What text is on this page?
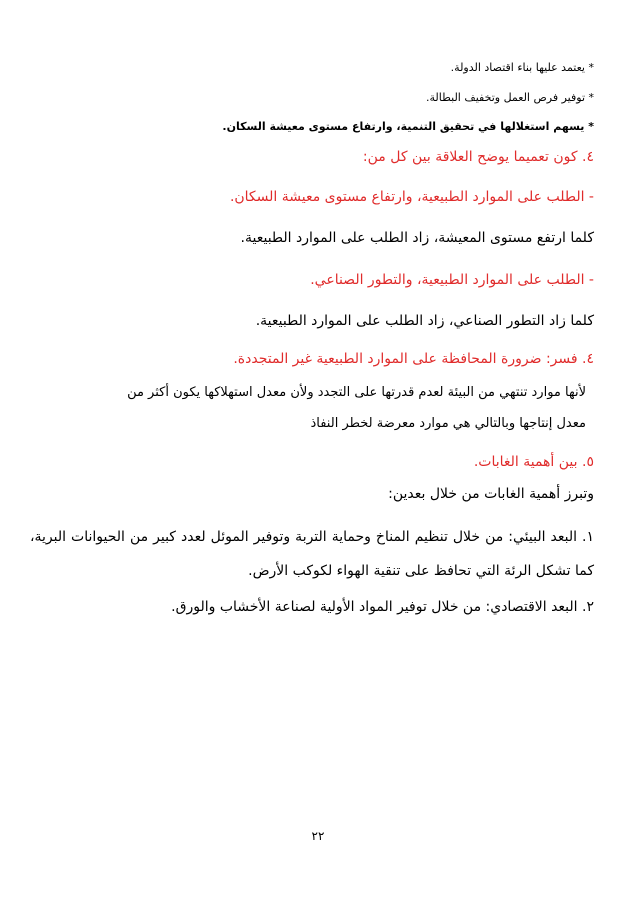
* يعتمد عليها بناء اقتصاد الدولة.
* توفير فرص العمل وتخفيف البطالة.
* يسهم استغلالها في تحقيق التنمية، وارتفاع مستوى معيشة السكان.
٤. كون تعميما يوضح العلاقة بين كل من:
- الطلب على الموارد الطبيعية، وارتفاع مستوى معيشة السكان.
كلما ارتفع مستوى المعيشة، زاد الطلب على الموارد الطبيعية.
- الطلب على الموارد الطبيعية، والتطور الصناعي.
كلما زاد التطور الصناعي، زاد الطلب على الموارد الطبيعية.
٤. فسر: ضرورة المحافظة على الموارد الطبيعية غير المتجددة.
لأنها موارد تنتهي من البيئة لعدم قدرتها على التجدد ولأن معدل استهلاكها يكون أكثر من
معدل إنتاجها وبالتالي هي موارد معرضة لخطر النفاذ
٥. بين أهمية الغابات.
وتبرز أهمية الغابات من خلال بعدين:
١. البعد البيئي: من خلال تنظيم المناخ وحماية التربة وتوفير الموئل لعدد كبير من الحيوانات البرية، كما تشكل الرئة التي تحافظ على تنقية الهواء لكوكب الأرض.
٢. البعد الاقتصادي: من خلال توفير المواد الأولية لصناعة الأخشاب والورق.
٢٢
